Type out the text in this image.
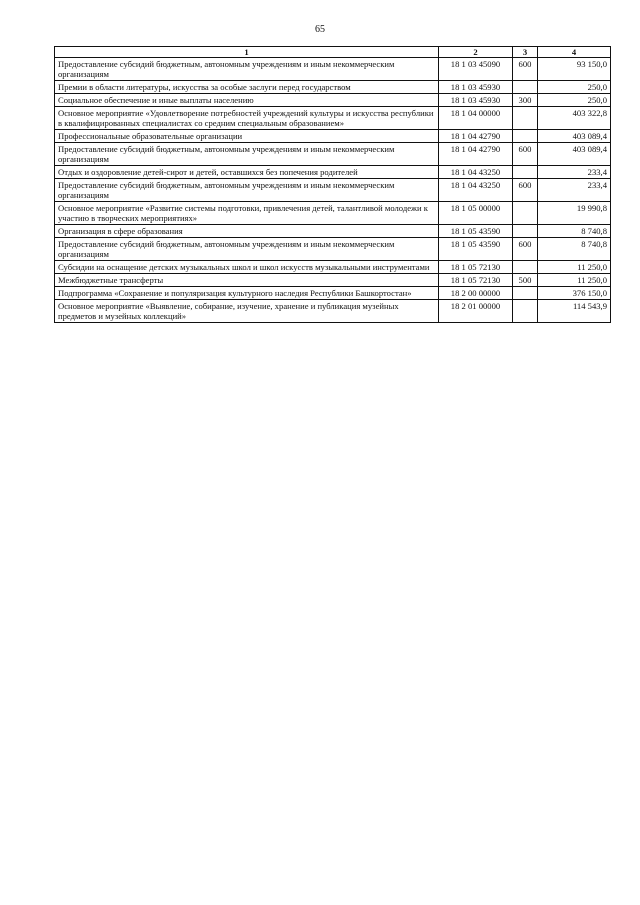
65
1	2	3	4
Предоставление субсидий бюджетным, автономным учреждениям и иным некоммерческим организациям	18 1 03 45090	600	93 150,0
Премии в области литературы, искусства за особые заслуги перед государством	18 1 03 45930		250,0
Социальное обеспечение и иные выплаты населению	18 1 03 45930	300	250,0
Основное мероприятие «Удовлетворение потребностей учреждений культуры и искусства республики в квалифицированных специалистах со средним специальным образованием»	18 1 04 00000		403 322,8
Профессиональные образовательные организации	18 1 04 42790		403 089,4
Предоставление субсидий бюджетным, автономным учреждениям и иным некоммерческим организациям	18 1 04 42790	600	403 089,4
Отдых и оздоровление детей-сирот и детей, оставшихся без попечения родителей	18 1 04 43250		233,4
Предоставление субсидий бюджетным, автономным учреждениям и иным некоммерческим организациям	18 1 04 43250	600	233,4
Основное мероприятие «Развитие системы подготовки, привлечения детей, талантливой молодежи к участию в творческих мероприятиях»	18 1 05 00000		19 990,8
Организация в сфере образования	18 1 05 43590		8 740,8
Предоставление субсидий бюджетным, автономным учреждениям и иным некоммерческим организациям	18 1 05 43590	600	8 740,8
Субсидии на оснащение детских музыкальных школ и школ искусств музыкальными инструментами	18 1 05 72130		11 250,0
Межбюджетные трансферты	18 1 05 72130	500	11 250,0
Подпрограмма «Сохранение и популяризация культурного наследия Республики Башкортостан»	18 2 00 00000		376 150,0
Основное мероприятие «Выявление, собирание, изучение, хранение и публикация музейных предметов и музейных коллекций»	18 2 01 00000		114 543,9
